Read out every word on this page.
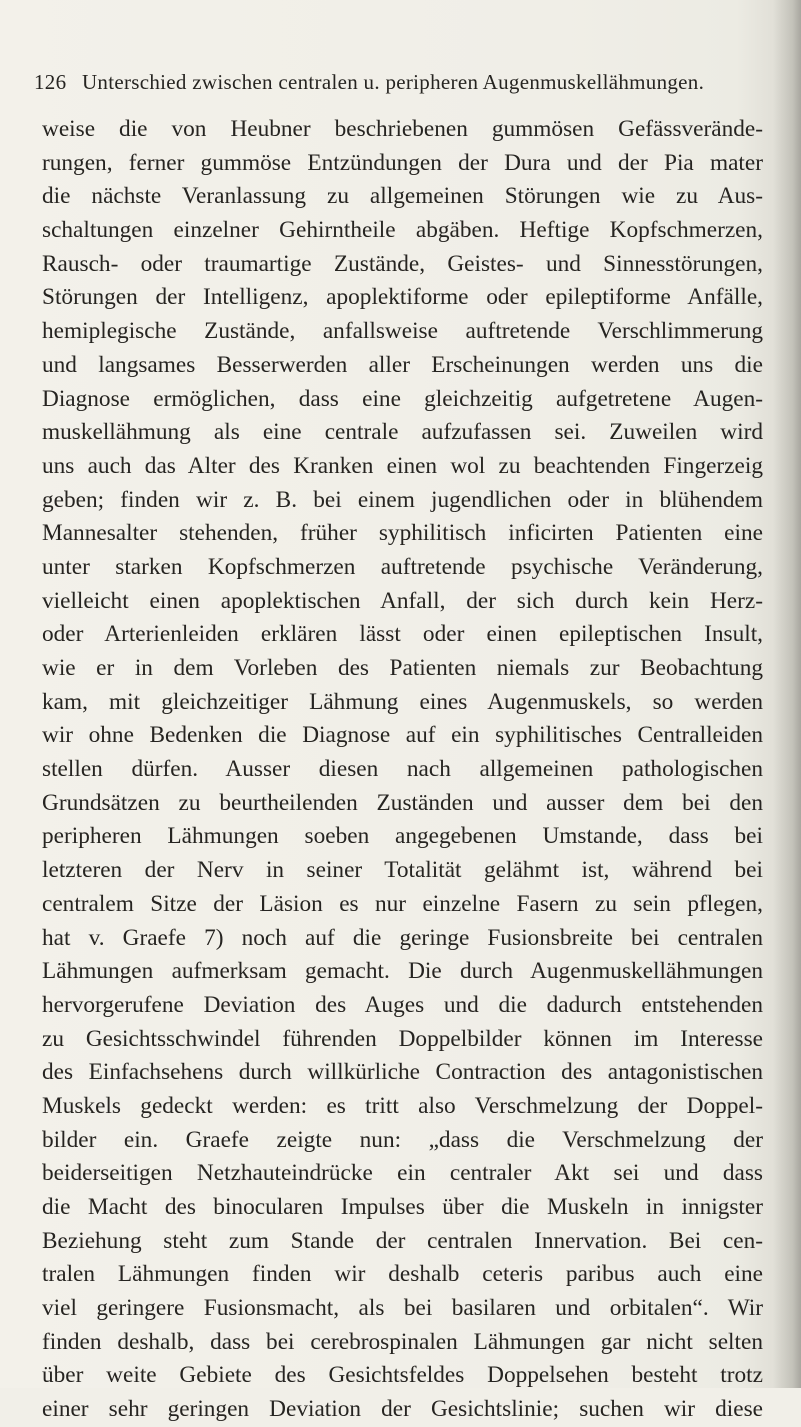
126 Unterschied zwischen centralen u. peripheren Augenmuskellähmungen.
weise die von Heubner beschriebenen gummösen Gefässverände-
rungen, ferner gummöse Entzündungen der Dura und der Pia mater
die nächste Veranlassung zu allgemeinen Störungen wie zu Aus-
schaltungen einzelner Gehirntheile abgäben. Heftige Kopfschmerzen,
Rausch- oder traumartige Zustände, Geistes- und Sinnesstörungen,
Störungen der Intelligenz, apoplektiforme oder epileptiforme Anfälle,
hemiplegische Zustände, anfallsweise auftretende Verschlimmerung
und langsames Besserwerden aller Erscheinungen werden uns die
Diagnose ermöglichen, dass eine gleichzeitig aufgetretene Augen-
muskellähmung als eine centrale aufzufassen sei. Zuweilen wird
uns auch das Alter des Kranken einen wol zu beachtenden Fingerzeig
geben; finden wir z. B. bei einem jugendlichen oder in blühendem
Mannesalter stehenden, früher syphilitisch inficirten Patienten eine
unter starken Kopfschmerzen auftretende psychische Veränderung,
vielleicht einen apoplektischen Anfall, der sich durch kein Herz-
oder Arterienleiden erklären lässt oder einen epileptischen Insult,
wie er in dem Vorleben des Patienten niemals zur Beobachtung
kam, mit gleichzeitiger Lähmung eines Augenmuskels, so werden
wir ohne Bedenken die Diagnose auf ein syphilitisches Centralleiden
stellen dürfen. Ausser diesen nach allgemeinen pathologischen
Grundsätzen zu beurtheilenden Zuständen und ausser dem bei den
peripheren Lähmungen soeben angegebenen Umstande, dass bei
letzteren der Nerv in seiner Totalität gelähmt ist, während bei
centralem Sitze der Läsion es nur einzelne Fasern zu sein pflegen,
hat v. Graefe 7) noch auf die geringe Fusionsbreite bei centralen
Lähmungen aufmerksam gemacht. Die durch Augenmuskellähmungen
hervorgerufene Deviation des Auges und die dadurch entstehenden
zu Gesichtsschwindel führenden Doppelbilder können im Interesse
des Einfachsehens durch willkürliche Contraction des antagonistischen
Muskels gedeckt werden: es tritt also Verschmelzung der Doppel-
bilder ein. Graefe zeigte nun: „dass die Verschmelzung der
beiderseitigen Netzhauteindrücke ein centraler Akt sei und dass
die Macht des binocularen Impulses über die Muskeln in innigster
Beziehung steht zum Stande der centralen Innervation. Bei cen-
tralen Lähmungen finden wir deshalb ceteris paribus auch eine
viel geringere Fusionsmacht, als bei basilaren und orbitalen“. Wir
finden deshalb, dass bei cerebrospinalen Lähmungen gar nicht selten
über weite Gebiete des Gesichtsfeldes Doppelsehen besteht trotz
einer sehr geringen Deviation der Gesichtslinie; suchen wir diese
